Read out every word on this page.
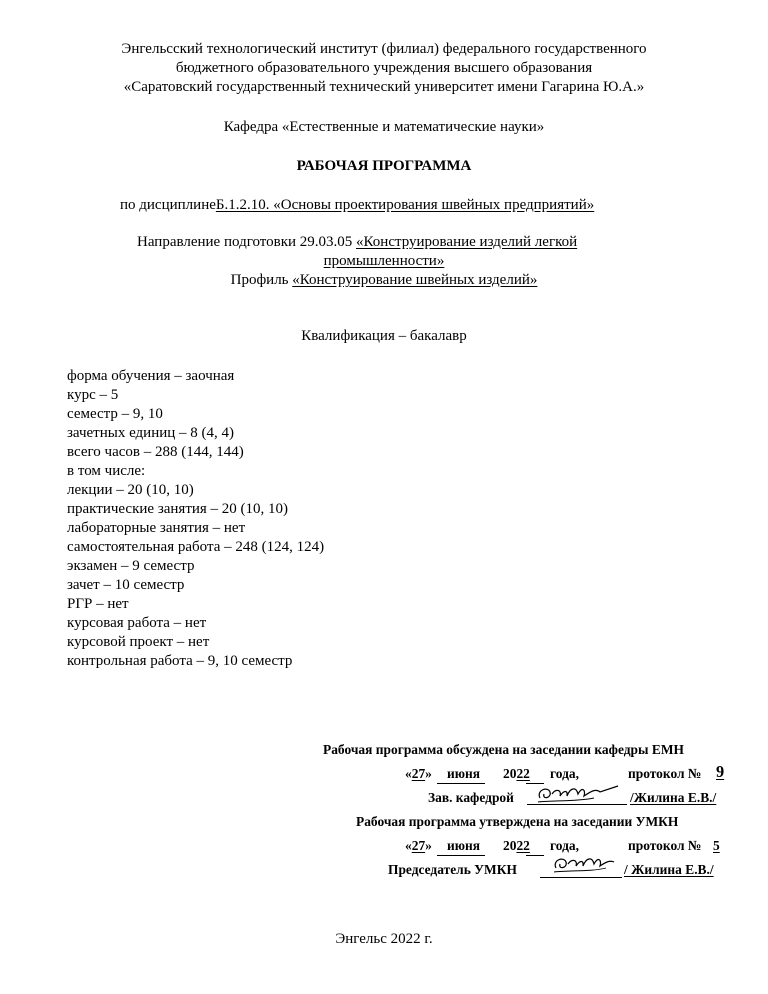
Энгельсский технологический институт (филиал) федерального государственного
бюджетного образовательного учреждения высшего образования
«Саратовский государственный технический университет имени Гагарина Ю.А.»
Кафедра «Естественные и математические науки»
РАБОЧАЯ ПРОГРАММА
по дисциплинеБ.1.2.10. «Основы проектирования швейных предприятий»
Направление подготовки 29.03.05 «Конструирование изделий легкой
промышленности»
Профиль «Конструирование швейных изделий»
Квалификация – бакалавр
форма обучения – заочная
курс – 5
семестр – 9, 10
зачетных единиц – 8 (4, 4)
всего часов – 288 (144, 144)
в том числе:
лекции – 20 (10, 10)
практические занятия – 20 (10, 10)
лабораторные занятия – нет
самостоятельная работа – 248 (124, 124)
экзамен – 9 семестр
зачет – 10 семестр
РГР – нет
курсовая работа – нет
курсовой проект – нет
контрольная работа – 9, 10 семестр
Рабочая программа обсуждена на заседании кафедры ЕМН
«27» июня 2022 года,	протокол № 9
Зав. кафедрой	/Жилина Е.В./
Рабочая программа утверждена на заседании УМКН
«27» июня 2022 года,	протокол № 5
Председатель УМКН	/ Жилина Е.В./
Энгельс 2022 г.
